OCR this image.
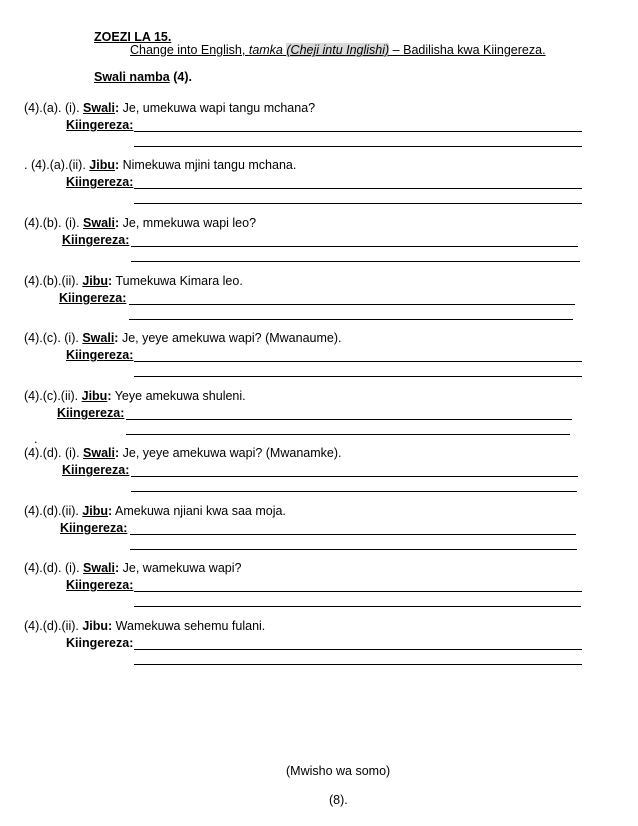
ZOEZI LA 15.
Change into English, tamka (Cheji intu Inglishi) – Badilisha kwa Kiingereza.
Swali namba (4).
(4).(a). (i). Swali: Je, umekuwa wapi tangu mchana?
Kiingereza:
. (4).(a).(ii). Jibu: Nimekuwa mjini tangu mchana.
Kiingereza:
(4).(b). (i). Swali: Je, mmekuwa wapi leo?
Kiingereza:
(4).(b).(ii). Jibu: Tumekuwa Kimara leo.
Kiingereza:
(4).(c). (i). Swali: Je, yeye amekuwa wapi? (Mwanaume).
Kiingereza:
(4).(c).(ii). Jibu: Yeye amekuwa shuleni.
Kiingereza:
.
(4).(d). (i). Swali: Je, yeye amekuwa wapi? (Mwanamke).
Kiingereza:
(4).(d).(ii). Jibu: Amekuwa njiani kwa saa moja.
Kiingereza:
(4).(d). (i). Swali: Je, wamekuwa wapi?
Kiingereza:
(4).(d).(ii). Jibu: Wamekuwa sehemu fulani.
Kiingereza:
(Mwisho wa somo)
(8).
